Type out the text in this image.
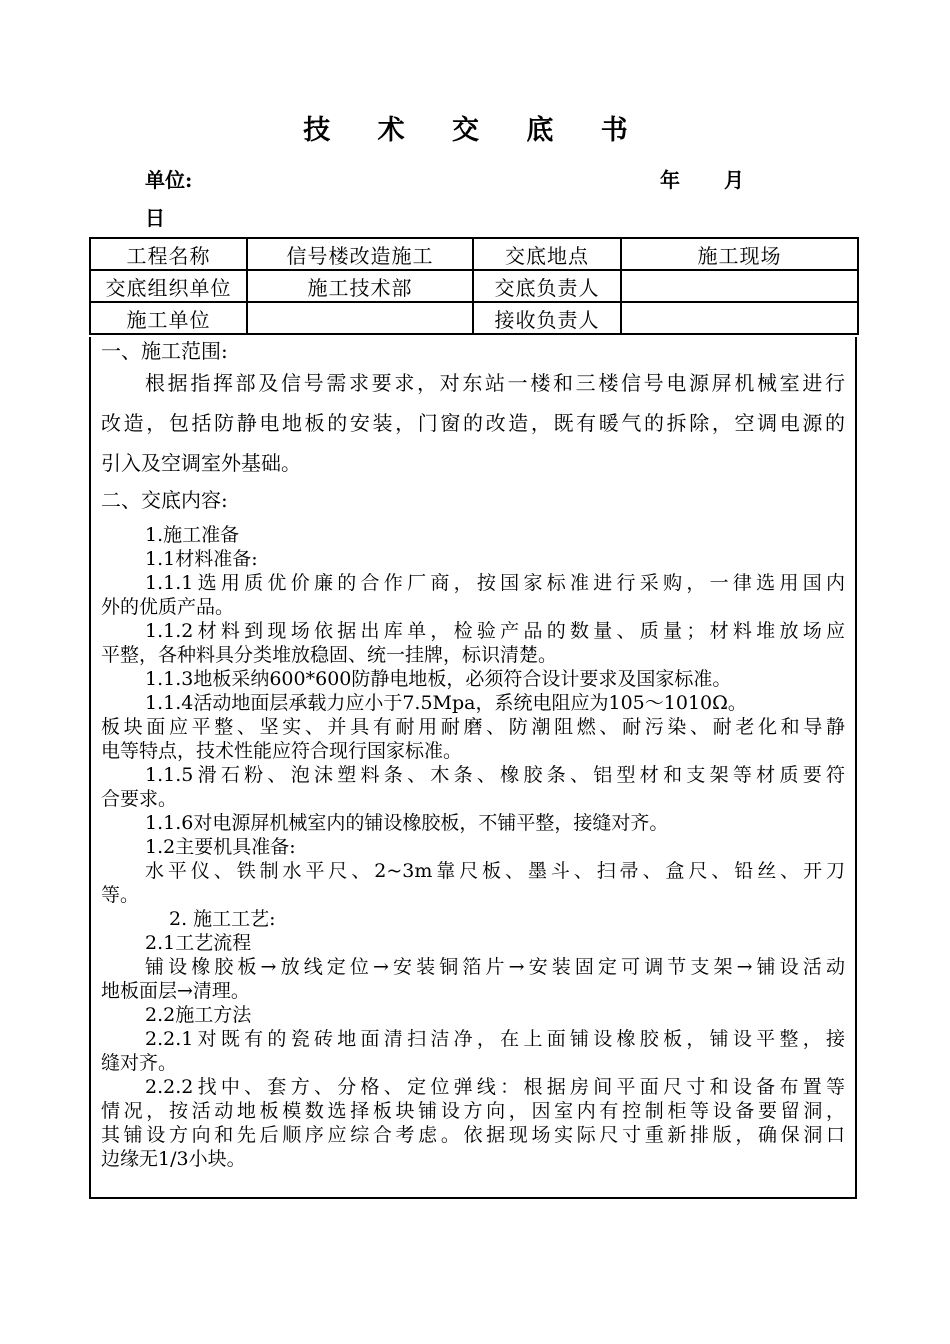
技 术 交 底 书
单位:	年 月
日
工程名称	信号楼改造施工	交底地点	施工现场
交底组织单位	施工技术部	交底负责人	
施工单位		接收负责人	
一、施工范围:
根据指挥部及信号需求要求，对东站一楼和三楼信号电源屏机械室进行
改造，包括防静电地板的安装，门窗的改造，既有暖气的拆除，空调电源的
引入及空调室外基础。
二、交底内容:
1.施工准备
1.1材料准备:
1.1.1选用质优价廉的合作厂商，按国家标准进行采购，一律选用国内
外的优质产品。
1.1.2材料到现场依据出库单，检验产品的数量、质量；材料堆放场应
平整，各种料具分类堆放稳固、统一挂牌，标识清楚。
1.1.3地板采纳600*600防静电地板，必须符合设计要求及国家标准。
1.1.4活动地面层承载力应小于7.5Mpa，系统电阻应为105～1010Ω。
板块面应平整、坚实、并具有耐用耐磨、防潮阻燃、耐污染、耐老化和导静
电等特点，技术性能应符合现行国家标准。
1.1.5滑石粉、泡沫塑料条、木条、橡胶条、铝型材和支架等材质要符
合要求。
1.1.6对电源屏机械室内的铺设橡胶板，不铺平整，接缝对齐。
1.2主要机具准备:
水平仪、铁制水平尺、2~3m靠尺板、墨斗、扫帚、盒尺、铅丝、开刀
等。
2. 施工工艺:
2.1工艺流程
铺设橡胶板→放线定位→安装铜箔片→安装固定可调节支架→铺设活动
地板面层→清理。
2.2施工方法
2.2.1对既有的瓷砖地面清扫洁净，在上面铺设橡胶板，铺设平整，接
缝对齐。
2.2.2找中、套方、分格、定位弹线：根据房间平面尺寸和设备布置等
情况，按活动地板模数选择板块铺设方向，因室内有控制柜等设备要留洞，
其铺设方向和先后顺序应综合考虑。依据现场实际尺寸重新排版，确保洞口
边缘无1/3小块。
